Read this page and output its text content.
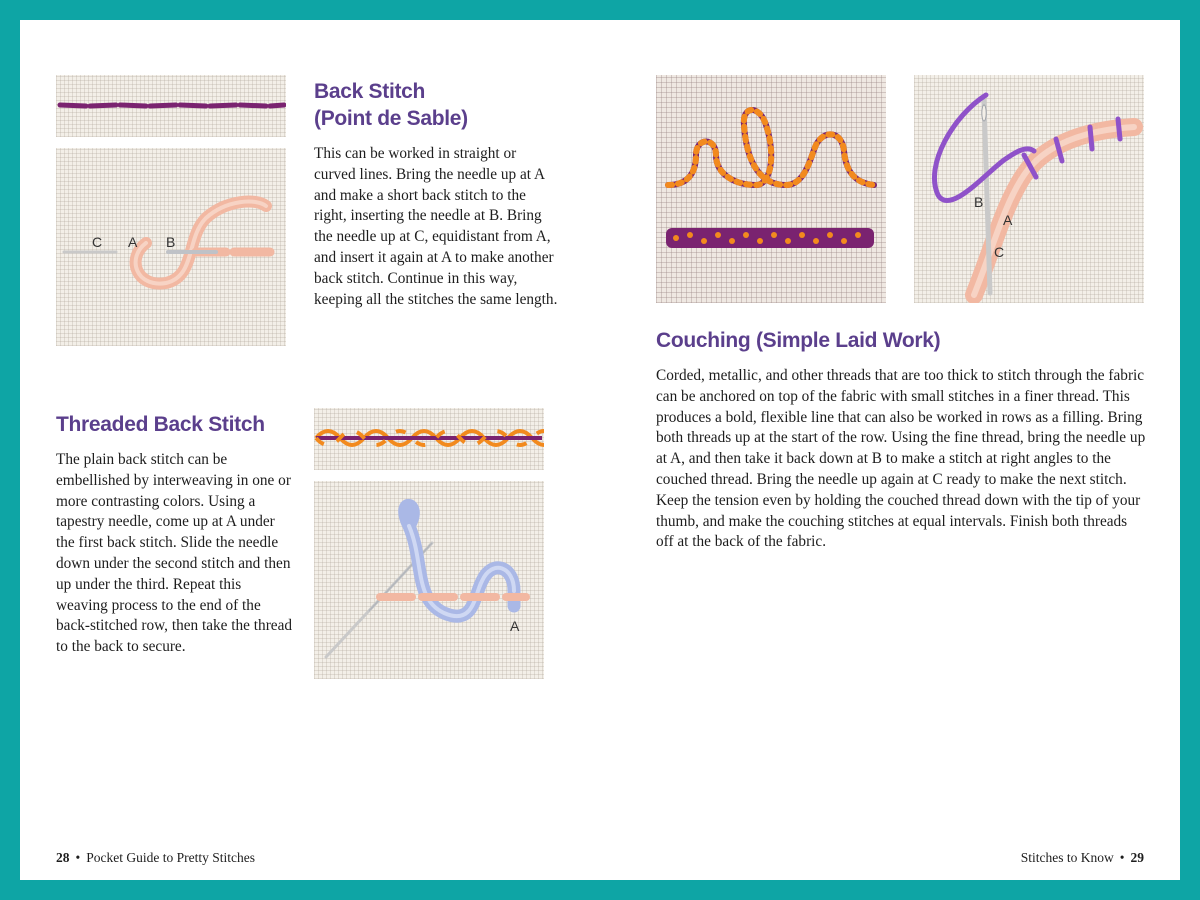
C A B
Back Stitch
(Point de Sable)

This can be worked in straight or curved lines. Bring the needle up at A and make a short back stitch to the right, inserting the needle at B. Bring the needle up at C, equidistant from A, and insert it again at A to make another back stitch. Continue in this way, keeping all the stitches the same length.

Threaded Back Stitch

The plain back stitch can be embellished by interweaving in one or more contrasting colors. Using a tapestry needle, come up at A under the first back stitch. Slide the needle down under the second stitch and then up under the third. Repeat this weaving process to the end of the back-stitched row, then take the thread to the back to secure.

A
28 • Pocket Guide to Pretty Stitches
B
A
C
Couching (Simple Laid Work)

Corded, metallic, and other threads that are too thick to stitch through the fabric can be anchored on top of the fabric with small stitches in a finer thread. This produces a bold, flexible line that can also be worked in rows as a filling. Bring both threads up at the start of the row. Using the fine thread, bring the needle up at A, and then take it back down at B to make a stitch at right angles to the couched thread. Bring the needle up again at C ready to make the next stitch. Keep the tension even by holding the couched thread down with the tip of your thumb, and make the couching stitches at equal intervals. Finish both threads off at the back of the fabric.

Stitches to Know • 29
